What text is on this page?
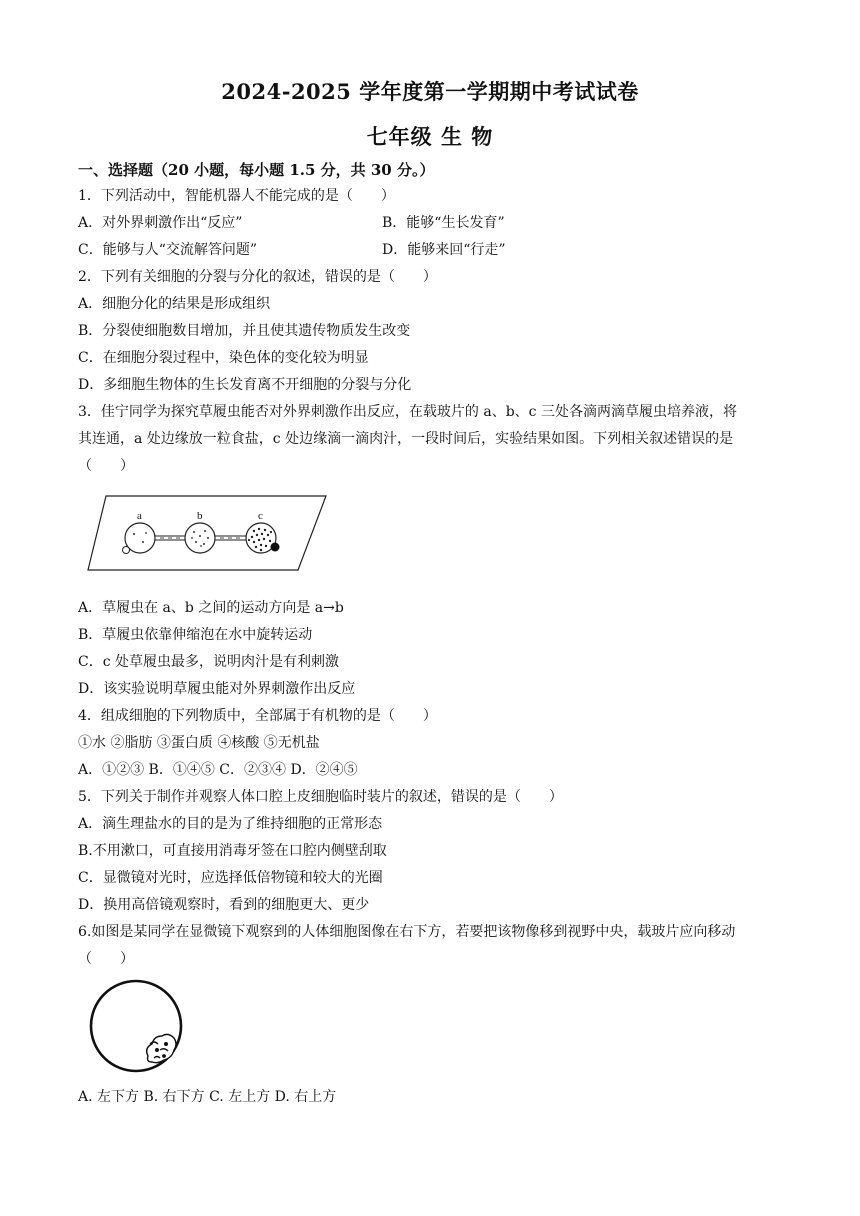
2024-2025 学年度第一学期期中考试试卷
七年级 生 物
一、选择题（20 小题，每小题 1.5 分，共 30 分。）
1．下列活动中，智能机器人不能完成的是（　　）
A．对外界刺激作出“反应”	B．能够“生长发育”
C．能够与人“交流解答问题”	D．能够来回“行走”
2．下列有关细胞的分裂与分化的叙述，错误的是（　　）
A．细胞分化的结果是形成组织
B．分裂使细胞数目增加，并且使其遗传物质发生改变
C．在细胞分裂过程中，染色体的变化较为明显
D．多细胞生物体的生长发育离不开细胞的分裂与分化
3．佳宁同学为探究草履虫能否对外界刺激作出反应，在载玻片的 a、b、c 三处各滴两滴草履虫培养液，将
其连通，a 处边缘放一粒食盐，c 处边缘滴一滴肉汁，一段时间后，实验结果如图。下列相关叙述错误的是
（　　）
a	b	c
A．草履虫在 a、b 之间的运动方向是 a→b
B．草履虫依靠伸缩泡在水中旋转运动
C．c 处草履虫最多，说明肉汁是有利刺激
D．该实验说明草履虫能对外界刺激作出反应
4．组成细胞的下列物质中，全部属于有机物的是（　　）
①水 ②脂肪 ③蛋白质 ④核酸 ⑤无机盐
A．①②③ B．①④⑤ C．②③④ D．②④⑤
5．下列关于制作并观察人体口腔上皮细胞临时装片的叙述，错误的是（　　）
A．滴生理盐水的目的是为了维持细胞的正常形态
B.不用漱口，可直接用消毒牙签在口腔内侧壁刮取
C．显微镜对光时，应选择低倍物镜和较大的光圈
D．换用高倍镜观察时，看到的细胞更大、更少
6.如图是某同学在显微镜下观察到的人体细胞图像在右下方，若要把该物像移到视野中央，载玻片应向移动
（　　）
A. 左下方 B. 右下方 C. 左上方 D. 右上方
